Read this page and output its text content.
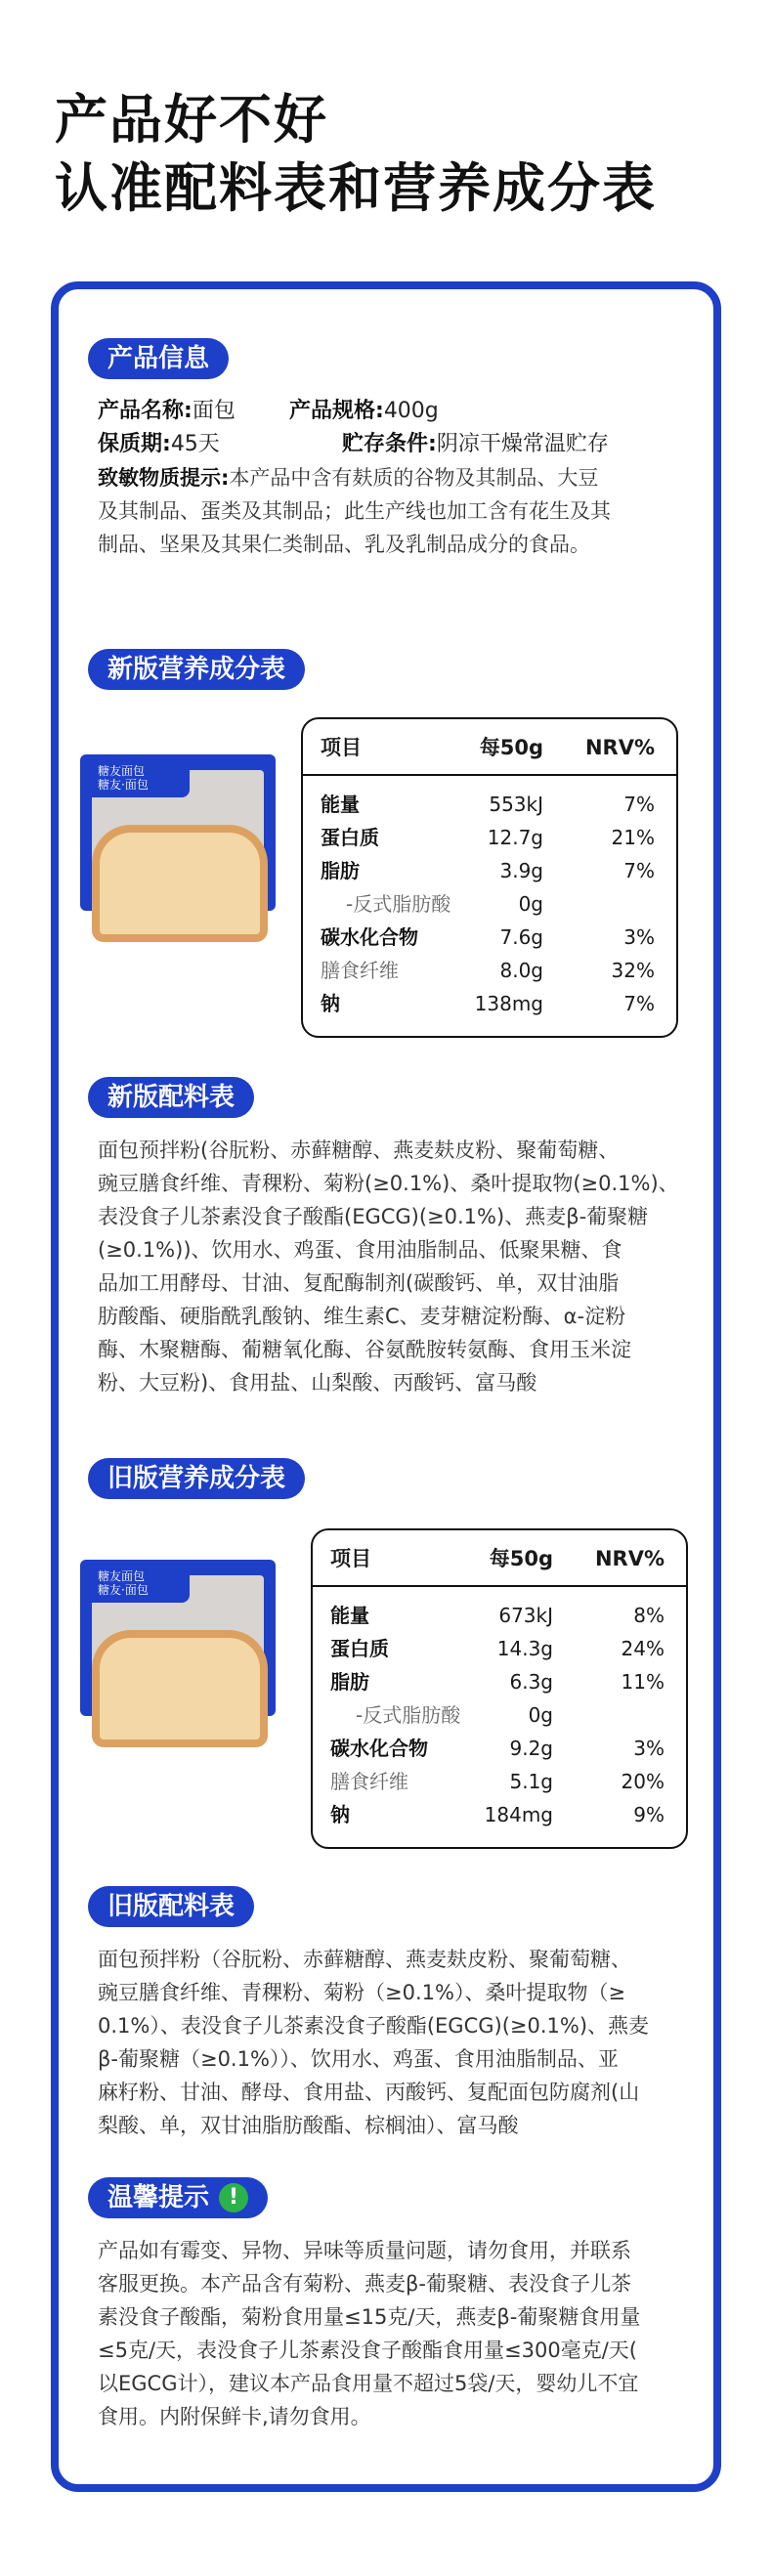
产品好不好
认准配料表和营养成分表
产品信息
产品名称:面包	产品规格:400g
保质期:45天	贮存条件:阴凉干燥常温贮存
致敏物质提示:本产品中含有麸质的谷物及其制品、大豆
及其制品、蛋类及其制品；此生产线也加工含有花生及其
制品、坚果及其果仁类制品、乳及乳制品成分的食品。
新版营养成分表
糖友面包
糖友·面包
项目	每50g NRV%
能量	553kJ	7%
蛋白质	12.7g	21%
脂肪	3.9g	7%
-反式脂肪酸	0g
碳水化合物	7.6g	3%
膳食纤维	8.0g	32%
钠	138mg	7%
新版配料表
面包预拌粉(谷朊粉、赤藓糖醇、燕麦麸皮粉、聚葡萄糖、
豌豆膳食纤维、青稞粉、菊粉(≥0.1%)、桑叶提取物(≥0.1%)、
表没食子儿茶素没食子酸酯(EGCG)(≥0.1%)、燕麦β-葡聚糖
(≥0.1%))、饮用水、鸡蛋、食用油脂制品、低聚果糖、食
品加工用酵母、甘油、复配酶制剂(碳酸钙、单，双甘油脂
肪酸酯、硬脂酰乳酸钠、维生素C、麦芽糖淀粉酶、α-淀粉
酶、木聚糖酶、葡糖氧化酶、谷氨酰胺转氨酶、食用玉米淀
粉、大豆粉)、食用盐、山梨酸、丙酸钙、富马酸
旧版营养成分表
糖友面包
糖友·面包
项目	每50g NRV%
能量	673kJ	8%
蛋白质	14.3g	24%
脂肪	6.3g	11%
-反式脂肪酸	0g
碳水化合物	9.2g	3%
膳食纤维	5.1g	20%
钠	184mg	9%
旧版配料表
面包预拌粉（谷朊粉、赤藓糖醇、燕麦麸皮粉、聚葡萄糖、
豌豆膳食纤维、青稞粉、菊粉（≥0.1%）、桑叶提取物（≥
0.1%）、表没食子儿茶素没食子酸酯(EGCG)(≥0.1%)、燕麦
β-葡聚糖（≥0.1%））、饮用水、鸡蛋、食用油脂制品、亚
麻籽粉、甘油、酵母、食用盐、丙酸钙、复配面包防腐剂(山
梨酸、单，双甘油脂肪酸酯、棕榈油）、富马酸
温馨提示 !
产品如有霉变、异物、异味等质量问题，请勿食用，并联系
客服更换。本产品含有菊粉、燕麦β-葡聚糖、表没食子儿茶
素没食子酸酯，菊粉食用量≤15克/天，燕麦β-葡聚糖食用量
≤5克/天，表没食子儿茶素没食子酸酯食用量≤300毫克/天(
以EGCG计），建议本产品食用量不超过5袋/天，婴幼儿不宜
食用。内附保鲜卡,请勿食用。
